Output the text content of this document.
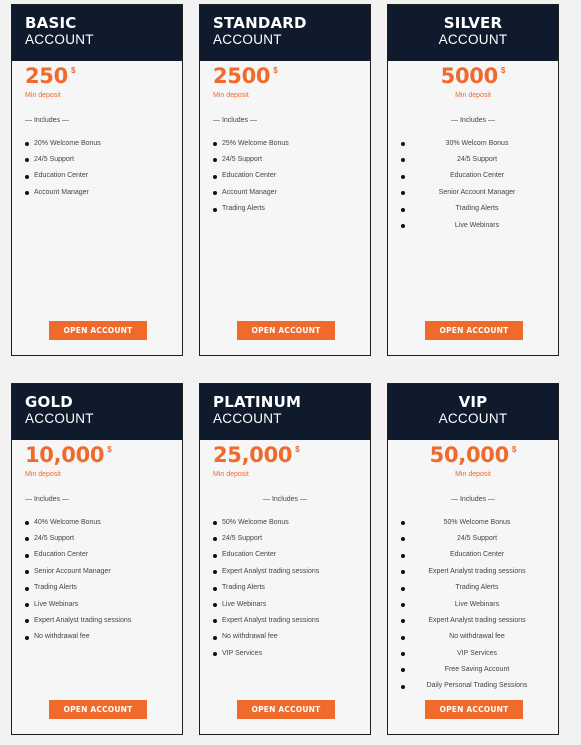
BASIC
ACCOUNT
250 $
Min deposit
— Includes —
20% Welcome Bonus
24/5 Support
Education Center
Account Manager
OPEN ACCOUNT
STANDARD
ACCOUNT
2500 $
Min deposit
— Includes —
25% Welcome Bonus
24/5 Support
Education Center
Account Manager
Trading Alerts
OPEN ACCOUNT
SILVER
ACCOUNT
5000 $
Min deposit
— Includes —
30% Welcom Bonus
24/5 Support
Education Center
Senior Account Manager
Trading Alerts
Live Webinars
OPEN ACCOUNT
GOLD
ACCOUNT
10,000 $
Min deposit
— Includes —
40% Welcome Bonus
24/5 Support
Education Center
Senior Account Manager
Trading Alerts
Live Webinars
Expert Analyst trading sessions
No withdrawal fee
OPEN ACCOUNT
PLATINUM
ACCOUNT
25,000 $
Min deposit
— Includes —
50% Welcome Bonus
24/5 Support
Education Center
Expert Analyst trading sessions
Trading Alerts
Live Webinars
Expert Analyst trading sessions
No withdrawal fee
VIP Services
OPEN ACCOUNT
VIP
ACCOUNT
50,000 $
Min deposit
— Includes —
50% Welcome Bonus
24/5 Support
Education Center
Expert Analyst trading sessions
Trading Alerts
Live Webinars
Expert Analyst trading sessions
No withdrawal fee
VIP Services
Free Saving Account
Daily Personal Trading Sessions
OPEN ACCOUNT
